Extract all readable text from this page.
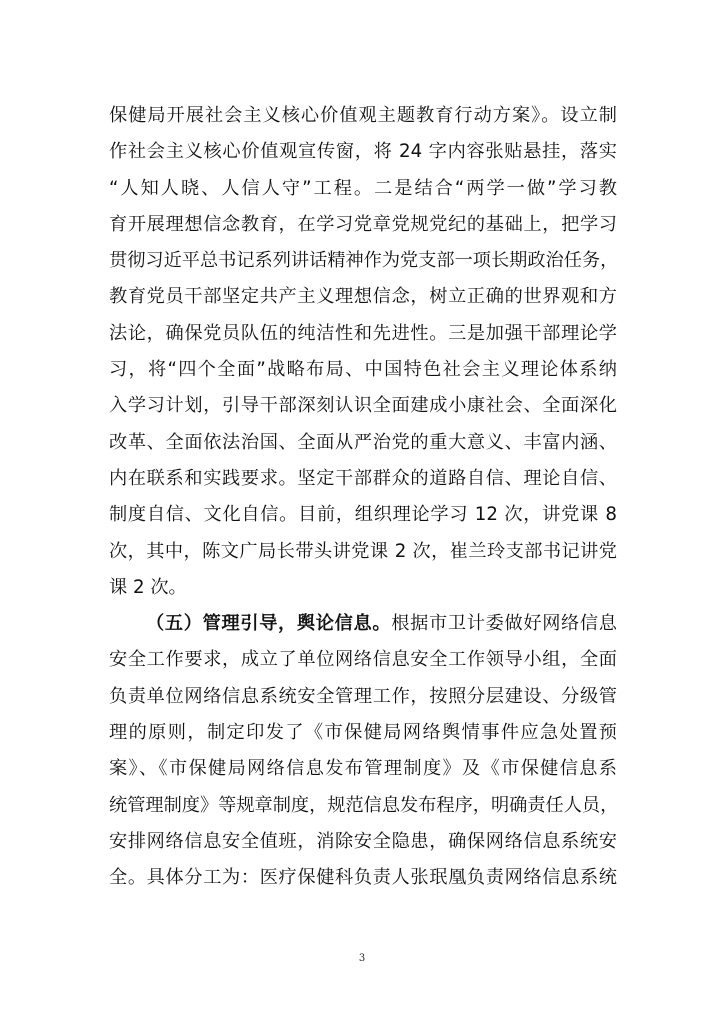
保健局开展社会主义核心价值观主题教育行动方案》。设立制
作社会主义核心价值观宣传窗，将 24 字内容张贴悬挂，落实
“人知人晓、人信人守”工程。二是结合“两学一做”学习教
育开展理想信念教育，在学习党章党规党纪的基础上，把学习
贯彻习近平总书记系列讲话精神作为党支部一项长期政治任务，
教育党员干部坚定共产主义理想信念，树立正确的世界观和方
法论，确保党员队伍的纯洁性和先进性。三是加强干部理论学
习，将“四个全面”战略布局、中国特色社会主义理论体系纳
入学习计划，引导干部深刻认识全面建成小康社会、全面深化
改革、全面依法治国、全面从严治党的重大意义、丰富内涵、
内在联系和实践要求。坚定干部群众的道路自信、理论自信、
制度自信、文化自信。目前，组织理论学习 12 次，讲党课 8
次，其中，陈文广局长带头讲党课 2 次，崔兰玲支部书记讲党
课 2 次。
（五）管理引导，舆论信息。根据市卫计委做好网络信息
安全工作要求，成立了单位网络信息安全工作领导小组，全面
负责单位网络信息系统安全管理工作，按照分层建设、分级管
理的原则，制定印发了《市保健局网络舆情事件应急处置预
案》、《市保健局网络信息发布管理制度》及《市保健信息系
统管理制度》等规章制度，规范信息发布程序，明确责任人员，
安排网络信息安全值班，消除安全隐患，确保网络信息系统安
全。具体分工为：医疗保健科负责人张珉凰负责网络信息系统
3
